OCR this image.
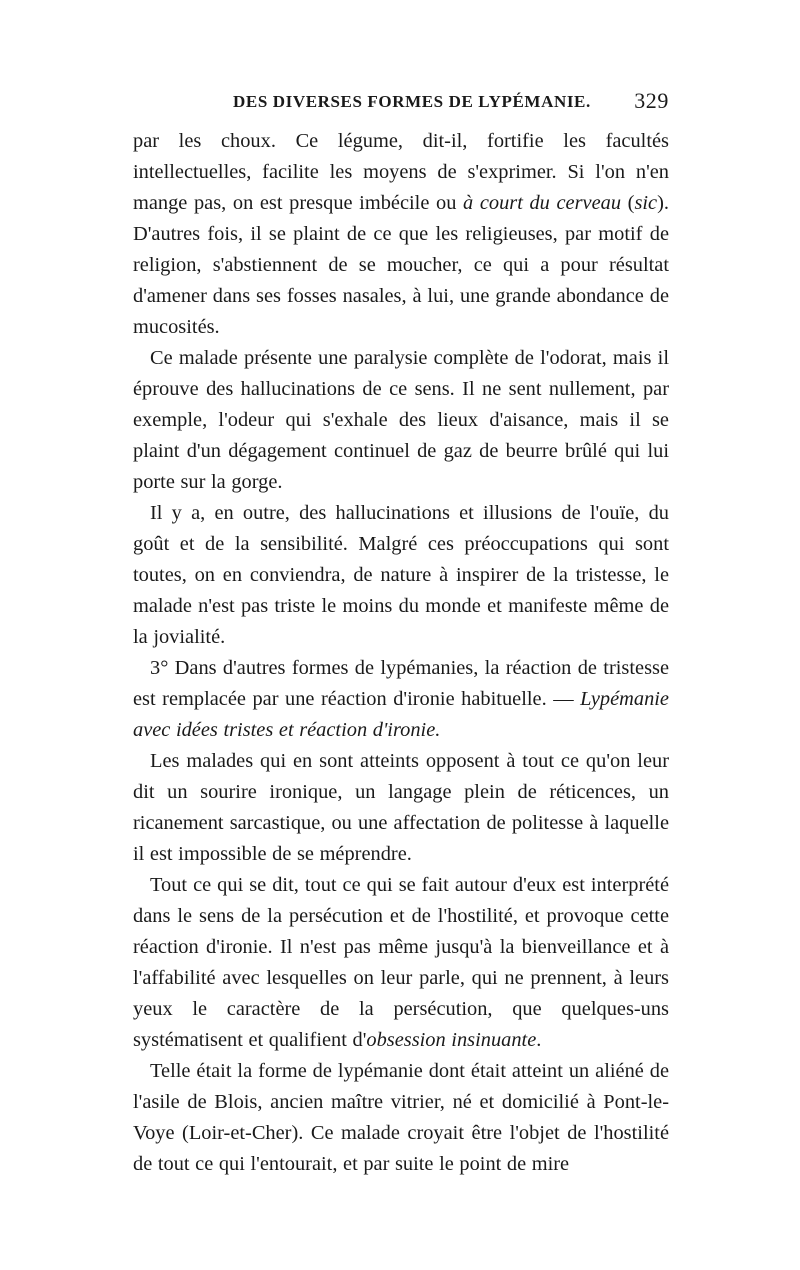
DES DIVERSES FORMES DE LYPÉMANIE. 329

par les choux. Ce légume, dit-il, fortifie les facultés intellectuelles, facilite les moyens de s'exprimer. Si l'on n'en mange pas, on est presque imbécile ou à court du cerveau (sic). D'autres fois, il se plaint de ce que les religieuses, par motif de religion, s'abstiennent de se moucher, ce qui a pour résultat d'amener dans ses fosses nasales, à lui, une grande abondance de mucosités.

Ce malade présente une paralysie complète de l'odorat, mais il éprouve des hallucinations de ce sens. Il ne sent nullement, par exemple, l'odeur qui s'exhale des lieux d'aisance, mais il se plaint d'un dégagement continuel de gaz de beurre brûlé qui lui porte sur la gorge.

Il y a, en outre, des hallucinations et illusions de l'ouïe, du goût et de la sensibilité. Malgré ces préoccupations qui sont toutes, on en conviendra, de nature à inspirer de la tristesse, le malade n'est pas triste le moins du monde et manifeste même de la jovialité.

3° Dans d'autres formes de lypémanies, la réaction de tristesse est remplacée par une réaction d'ironie habituelle. — Lypémanie avec idées tristes et réaction d'ironie.

Les malades qui en sont atteints opposent à tout ce qu'on leur dit un sourire ironique, un langage plein de réticences, un ricanement sarcastique, ou une affectation de politesse à laquelle il est impossible de se méprendre.

Tout ce qui se dit, tout ce qui se fait autour d'eux est interprété dans le sens de la persécution et de l'hostilité, et provoque cette réaction d'ironie. Il n'est pas même jusqu'à la bienveillance et à l'affabilité avec lesquelles on leur parle, qui ne prennent, à leurs yeux le caractère de la persécution, que quelques-uns systématisent et qualifient d'obsession insinuante.

Telle était la forme de lypémanie dont était atteint un aliéné de l'asile de Blois, ancien maître vitrier, né et domicilié à Pont-le-Voye (Loir-et-Cher). Ce malade croyait être l'objet de l'hostilité de tout ce qui l'entourait, et par suite le point de mire
